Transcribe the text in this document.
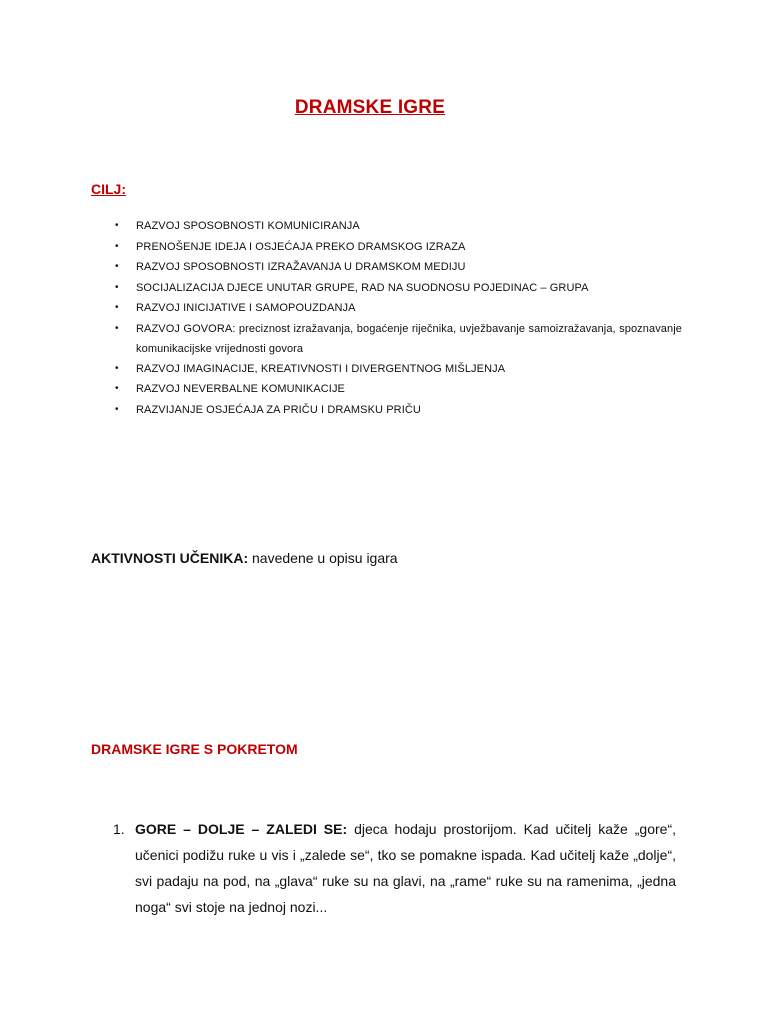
DRAMSKE IGRE
CILJ:
• RAZVOJ SPOSOBNOSTI KOMUNICIRANJA
• PRENOŠENJE IDEJA I OSJEĆAJA PREKO DRAMSKOG IZRAZA
• RAZVOJ SPOSOBNOSTI IZRAŽAVANJA U DRAMSKOM MEDIJU
• SOCIJALIZACIJA DJECE UNUTAR GRUPE, RAD NA SUODNOSU POJEDINAC – GRUPA
• RAZVOJ INICIJATIVE I SAMOPOUZDANJA
• RAZVOJ GOVORA: preciznost izražavanja, bogaćenje riječnika, uvježbavanje samoizražavanja, spoznavanje komunikacijske vrijednosti govora
• RAZVOJ IMAGINACIJE, KREATIVNOSTI I DIVERGENTNOG MIŠLJENJA
• RAZVOJ NEVERBALNE KOMUNIKACIJE
• RAZVIJANJE OSJEĆAJA ZA PRIČU I DRAMSKU PRIČU
AKTIVNOSTI UČENIKA: navedene u opisu igara
DRAMSKE IGRE S POKRETOM
1. GORE – DOLJE – ZALEDI SE: djeca hodaju prostorijom. Kad učitelj kaže „gore“, učenici podižu ruke u vis i „zalede se“, tko se pomakne ispada. Kad učitelj kaže „dolje“, svi padaju na pod, na „glava“ ruke su na glavi, na „rame“ ruke su na ramenima, „jedna noga“ svi stoje na jednoj nozi...
